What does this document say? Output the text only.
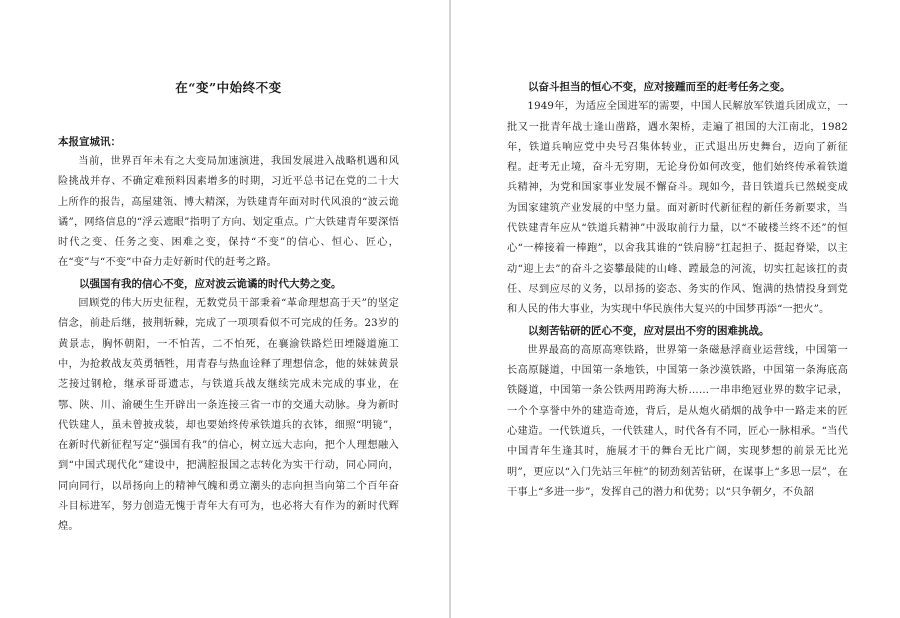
在“变”中始终不变

本报宣城讯：

当前，世界百年未有之大变局加速演进，我国发展进入战略机遇和风险挑战并存、不确定难预料因素增多的时期，习近平总书记在党的二十大上所作的报告，高屋建瓴、博大精深，为铁建青年面对时代风浪的“波云诡谲”，网络信息的“浮云遮眼”指明了方向、划定重点。广大铁建青年要深悟时代之变、任务之变、困难之变，保持“不变”的信心、恒心、匠心，在“变”与“不变”中奋力走好新时代的赶考之路。

以强国有我的信心不变，应对波云诡谲的时代大势之变。

回顾党的伟大历史征程，无数党员干部秉着“革命理想高于天”的坚定信念，前赴后继，披荆斩棘，完成了一项项看似不可完成的任务。23岁的黄景志，胸怀朝阳，一不怕苦，二不怕死，在襄渝铁路烂田堙隧道施工中，为抢救战友英勇牺牲，用青春与热血诠释了理想信念，他的妹妹黄景芝接过钢枪，继承哥哥遗志，与铁道兵战友继续完成未完成的事业，在鄂、陕、川、渝硬生生开辟出一条连接三省一市的交通大动脉。身为新时代铁建人，虽未曾披戎装，却也要始终传承铁道兵的衣钵，细照“明镜”，在新时代新征程写定“强国有我”的信心，树立远大志向，把个人理想融入到“中国式现代化”建设中，把满腔报国之志转化为实干行动，同心同向，同向同行，以昂扬向上的精神气魄和勇立潮头的志向担当向第二个百年奋斗目标进军，努力创造无愧于青年大有可为，也必将大有作为的新时代辉煌。

以奋斗担当的恒心不变，应对接踵而至的赶考任务之变。

1949年，为适应全国进军的需要，中国人民解放军铁道兵团成立，一批又一批青年战士逢山凿路，遇水架桥，走遍了祖国的大江南北，1982年，铁道兵响应党中央号召集体转业，正式退出历史舞台，迈向了新征程。赶考无止境，奋斗无穷期，无论身份如何改变，他们始终传承着铁道兵精神，为党和国家事业发展不懈奋斗。现如今，昔日铁道兵已然蜕变成为国家建筑产业发展的中坚力量。面对新时代新征程的新任务新要求，当代铁建青年应从“铁道兵精神”中汲取前行力量，以“不破楼兰终不还”的恒心“一棒接着一棒跑”，以舍我其谁的“铁肩膀”扛起担子、挺起脊梁，以主动“迎上去”的奋斗之姿攀最陡的山峰、蹚最急的河流，切实扛起该扛的责任、尽到应尽的义务，以昂扬的姿态、务实的作风、饱满的热情投身到党和人民的伟大事业，为实现中华民族伟大复兴的中国梦再添“一把火”。

以刻苦钻研的匠心不变，应对层出不穷的困难挑战。

世界最高的高原高寒铁路，世界第一条磁悬浮商业运营线，中国第一长高原隧道，中国第一条地铁，中国第一条沙漠铁路，中国第一条海底高铁隧道，中国第一条公铁两用跨海大桥……一串串绝冠业界的数字记录，一个个享誉中外的建造奇迹，背后，是从炮火硝烟的战争中一路走来的匠心建造。一代铁道兵，一代铁建人，时代各有不同，匠心一脉相承。“当代中国青年生逢其时，施展才干的舞台无比广阔，实现梦想的前景无比光明”，更应以“入门先站三年桩”的韧劲刻苦钻研，在谋事上“多思一层”，在干事上“多进一步”，发挥自己的潜力和优势；以“只争朝夕，不负韶
